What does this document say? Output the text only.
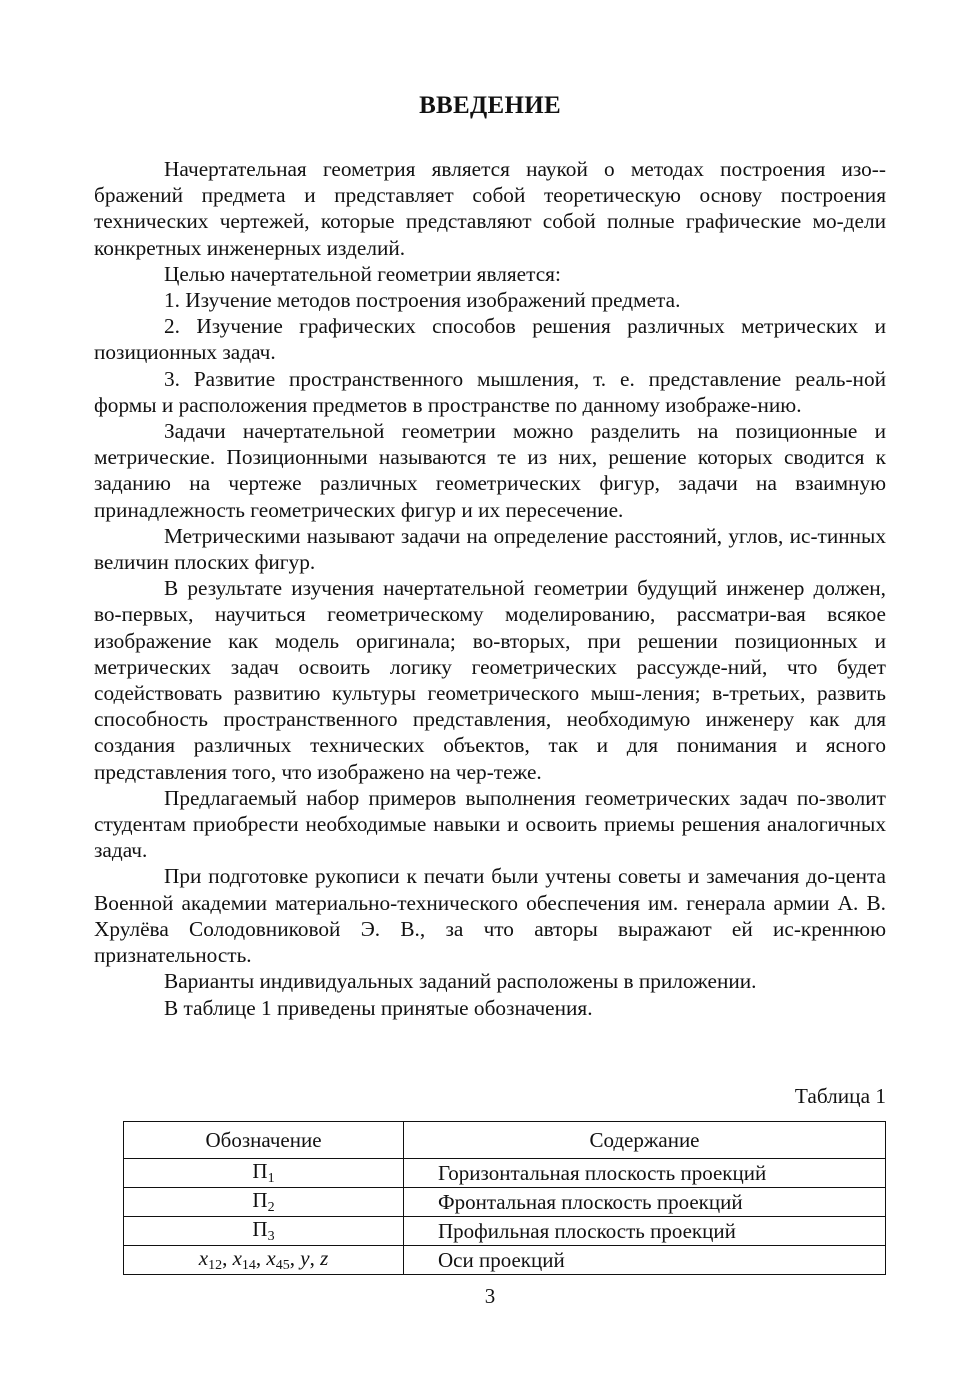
ВВЕДЕНИЕ

Начертательная геометрия является наукой о методах построения изо-бражений предмета и представляет собой теоретическую основу построения технических чертежей, которые представляют собой полные графические мо-дели конкретных инженерных изделий.

Целью начертательной геометрии является:

1. Изучение методов построения изображений предмета.

2. Изучение графических способов решения различных метрических и позиционных задач.

3. Развитие пространственного мышления, т. е. представление реаль-ной формы и расположения предметов в пространстве по данному изображе-нию.

Задачи начертательной геометрии можно разделить на позиционные и метрические. Позиционными называются те из них, решение которых сводится к заданию на чертеже различных геометрических фигур, задачи на взаимную принадлежность геометрических фигур и их пересечение.

Метрическими называют задачи на определение расстояний, углов, ис-тинных величин плоских фигур.

В результате изучения начертательной геометрии будущий инженер должен, во-первых, научиться геометрическому моделированию, рассматри-вая всякое изображение как модель оригинала; во-вторых, при решении позиционных и метрических задач освоить логику геометрических рассужде-ний, что будет содействовать развитию культуры геометрического мыш-ления; в-третьих, развить способность пространственного представления, необходимую инженеру как для создания различных технических объектов, так и для понимания и ясного представления того, что изображено на чер-теже.

Предлагаемый набор примеров выполнения геометрических задач по-зволит студентам приобрести необходимые навыки и освоить приемы решения аналогичных задач.

При подготовке рукописи к печати были учтены советы и замечания до-цента Военной академии материально-технического обеспечения им. генерала армии А. В. Хрулёва Солодовниковой Э. В., за что авторы выражают ей ис-креннюю признательность.

Варианты индивидуальных заданий расположены в приложении.

В таблице 1 приведены принятые обозначения.

Таблица 1
Обозначение	Содержание
П1	Горизонтальная плоскость проекций
П2	Фронтальная плоскость проекций
П3	Профильная плоскость проекций
x12, x14, x45, y, z	Оси проекций
3
